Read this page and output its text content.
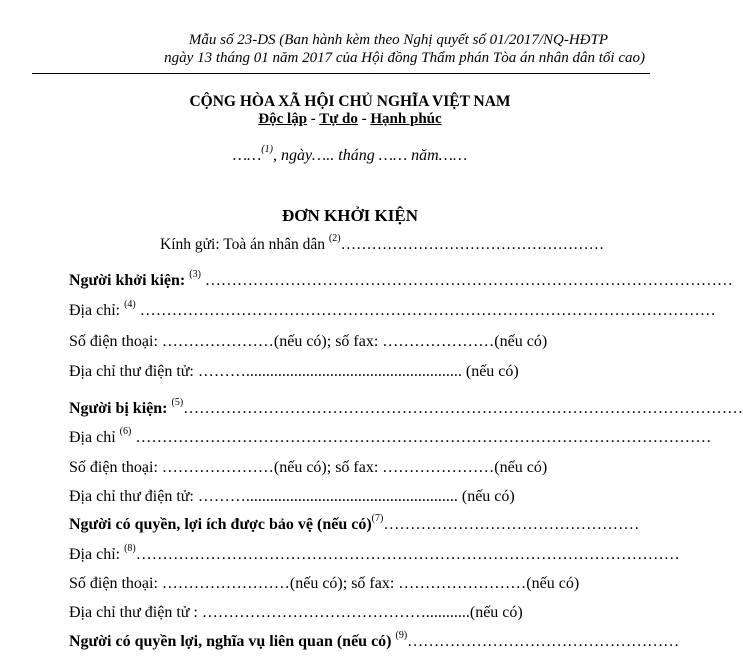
Mẫu số 23-DS (Ban hành kèm theo Nghị quyết số 01/2017/NQ-HĐTP
ngày 13 tháng 01 năm 2017 của Hội đồng Thẩm phán Tòa án nhân dân tối cao)
CỘNG HÒA XÃ HỘI CHỦ NGHĨA VIỆT NAM
Độc lập - Tự do - Hạnh phúc
……$^{(1)}$, ngày….. tháng …… năm……
ĐƠN KHỞI KIỆN
Kính gửi: Toà án nhân dân $^{(2)}$……………………………………………
Người khởi kiện: $^{(3)}$ ………………………………………………………………………………………
Địa chỉ: $^{(4)}$ ………………………………………………………………………………………………
Số điện thoại: …………………(nếu có); số fax: …………………(nếu có)
Địa chỉ thư điện tử: ………...................................................... (nếu có)
Người bị kiện: $^{(5)}$……………………………………………………………………………………………
Địa chỉ $^{(6)}$ ………………………………………………………………………………………………
Số điện thoại: …………………(nếu có); số fax: …………………(nếu có)
Địa chỉ thư điện tử: ………..................................................... (nếu có)
Người có quyền, lợi ích được bảo vệ (nếu có)$^{(7)}$…………………………………………
Địa chỉ: $^{(8)}$…………………………………………………………………………………………
Số điện thoại: ……………………(nếu có); số fax: ……………………(nếu có)
Địa chỉ thư điện tử : ……………………………………...........(nếu có)
Người có quyền lợi, nghĩa vụ liên quan (nếu có) $^{(9)}$……………………………………………
